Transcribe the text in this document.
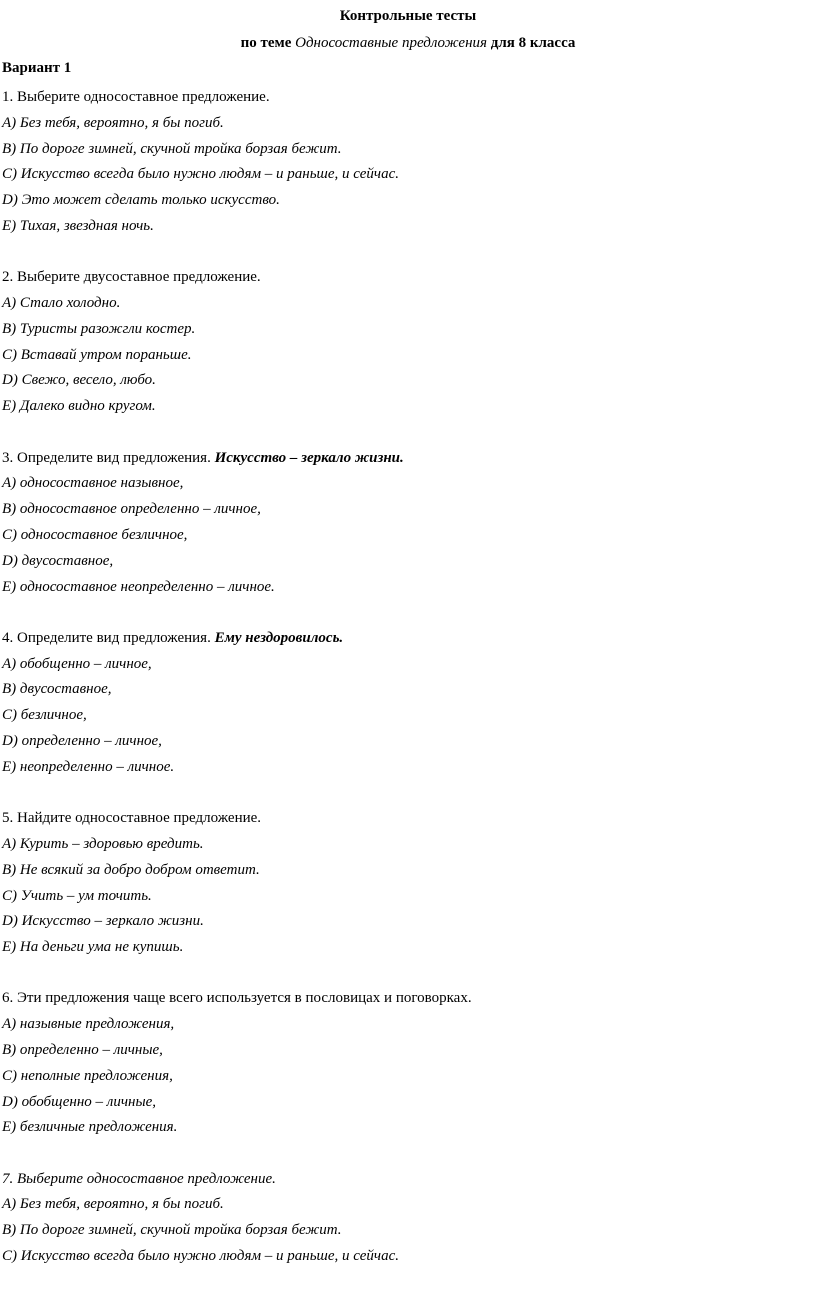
Контрольные тесты
по теме Односоставные предложения для 8 класса
Вариант 1
1. Выберите односоставное предложение.
A) Без тебя, вероятно, я бы погиб.
B) По дороге зимней, скучной тройка борзая бежит.
C) Искусство всегда было нужно людям – и раньше, и сейчас.
D) Это может сделать только искусство.
E) Тихая, звездная ночь.
2. Выберите двусоставное предложение.
A) Стало холодно.
B) Туристы разожгли костер.
C) Вставай утром пораньше.
D) Свежо, весело, любо.
E) Далеко видно кругом.
3. Определите вид предложения. Искусство – зеркало жизни.
A) односоставное назывное,
B) односоставное определенно – личное,
C) односоставное безличное,
D) двусоставное,
E) односоставное неопределенно – личное.
4. Определите вид предложения. Ему нездоровилось.
A) обобщенно – личное,
B) двусоставное,
C) безличное,
D) определенно – личное,
E) неопределенно – личное.
5. Найдите односоставное предложение.
A) Курить – здоровью вредить.
B) Не всякий за добро добром ответит.
C) Учить – ум точить.
D) Искусство – зеркало жизни.
E) На деньги ума не купишь.
6. Эти предложения чаще всего используется в пословицах и поговорках.
A) назывные предложения,
B) определенно – личные,
C) неполные предложения,
D) обобщенно – личные,
E) безличные предложения.
7. Выберите односоставное предложение.
A) Без тебя, вероятно, я бы погиб.
B) По дороге зимней, скучной тройка борзая бежит.
C) Искусство всегда было нужно людям – и раньше, и сейчас.
